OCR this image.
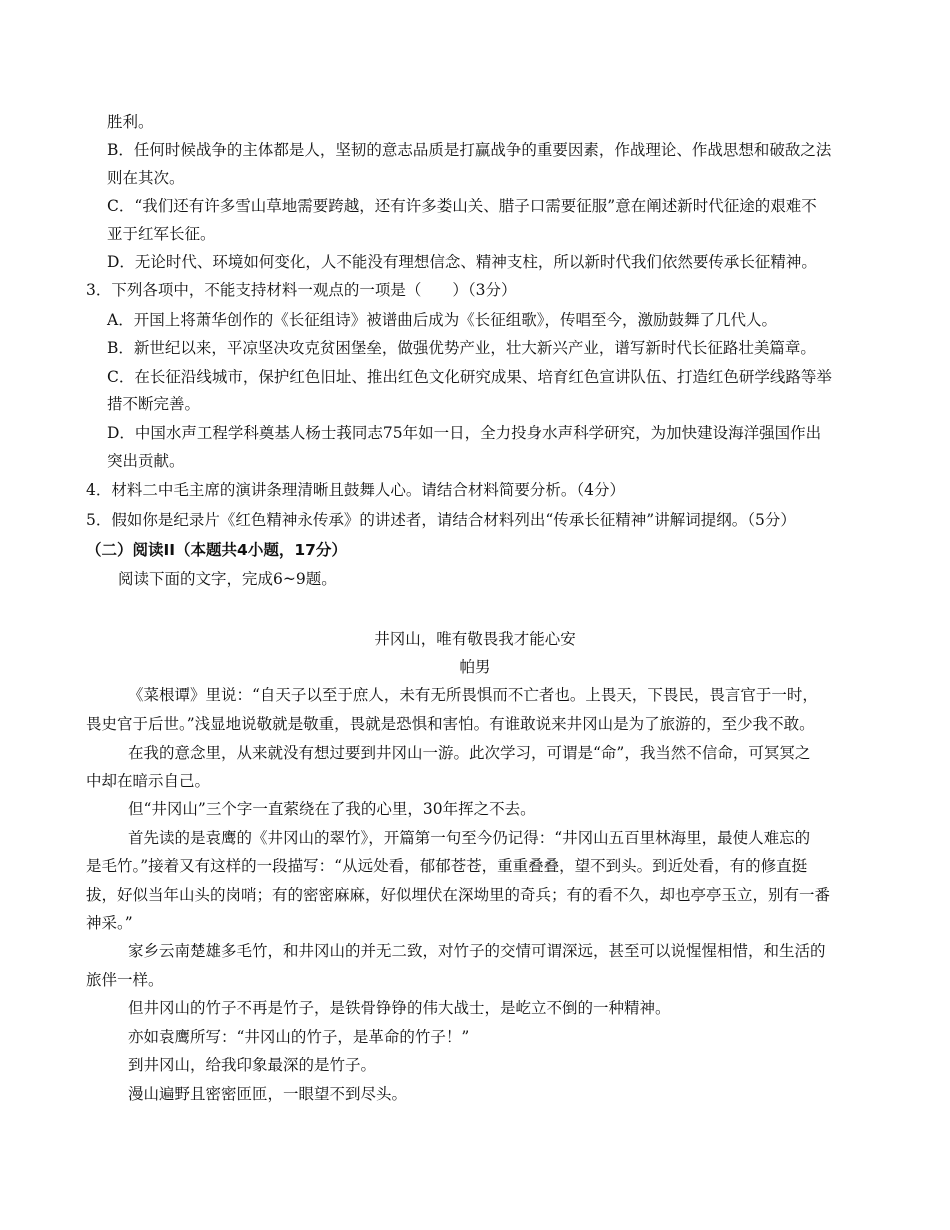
胜利。
B．任何时候战争的主体都是人，坚韧的意志品质是打赢战争的重要因素，作战理论、作战思想和破敌之法
则在其次。
C．“我们还有许多雪山草地需要跨越，还有许多娄山关、腊子口需要征服”意在阐述新时代征途的艰难不
亚于红军长征。
D．无论时代、环境如何变化，人不能没有理想信念、精神支柱，所以新时代我们依然要传承长征精神。
3．下列各项中，不能支持材料一观点的一项是（　　）（3分）
A．开国上将萧华创作的《长征组诗》被谱曲后成为《长征组歌》，传唱至今，激励鼓舞了几代人。
B．新世纪以来，平凉坚决攻克贫困堡垒，做强优势产业，壮大新兴产业，谱写新时代长征路壮美篇章。
C．在长征沿线城市，保护红色旧址、推出红色文化研究成果、培育红色宣讲队伍、打造红色研学线路等举
措不断完善。
D．中国水声工程学科奠基人杨士莪同志75年如一日，全力投身水声科学研究，为加快建设海洋强国作出
突出贡献。
4．材料二中毛主席的演讲条理清晰且鼓舞人心。请结合材料简要分析。（4分）
5．假如你是纪录片《红色精神永传承》的讲述者，请结合材料列出“传承长征精神”讲解词提纲。（5分）
（二）阅读II（本题共4小题，17分）
阅读下面的文字，完成6~9题。
井冈山，唯有敬畏我才能心安
帕男
《菜根谭》里说：“自天子以至于庶人，未有无所畏惧而不亡者也。上畏天，下畏民，畏言官于一时，
畏史官于后世。”浅显地说敬就是敬重，畏就是恐惧和害怕。有谁敢说来井冈山是为了旅游的，至少我不敢。
在我的意念里，从来就没有想过要到井冈山一游。此次学习，可谓是“命”，我当然不信命，可冥冥之
中却在暗示自己。
但“井冈山”三个字一直萦绕在了我的心里，30年挥之不去。
首先读的是袁鹰的《井冈山的翠竹》，开篇第一句至今仍记得：“井冈山五百里林海里，最使人难忘的
是毛竹。”接着又有这样的一段描写：“从远处看，郁郁苍苍，重重叠叠，望不到头。到近处看，有的修直挺
拔，好似当年山头的岗哨；有的密密麻麻，好似埋伏在深坳里的奇兵；有的看不久，却也亭亭玉立，别有一番
神采。”
家乡云南楚雄多毛竹，和井冈山的并无二致，对竹子的交情可谓深远，甚至可以说惺惺相惜，和生活的
旅伴一样。
但井冈山的竹子不再是竹子，是铁骨铮铮的伟大战士，是屹立不倒的一种精神。
亦如袁鹰所写：“井冈山的竹子，是革命的竹子！”
到井冈山，给我印象最深的是竹子。
漫山遍野且密密匝匝，一眼望不到尽头。
